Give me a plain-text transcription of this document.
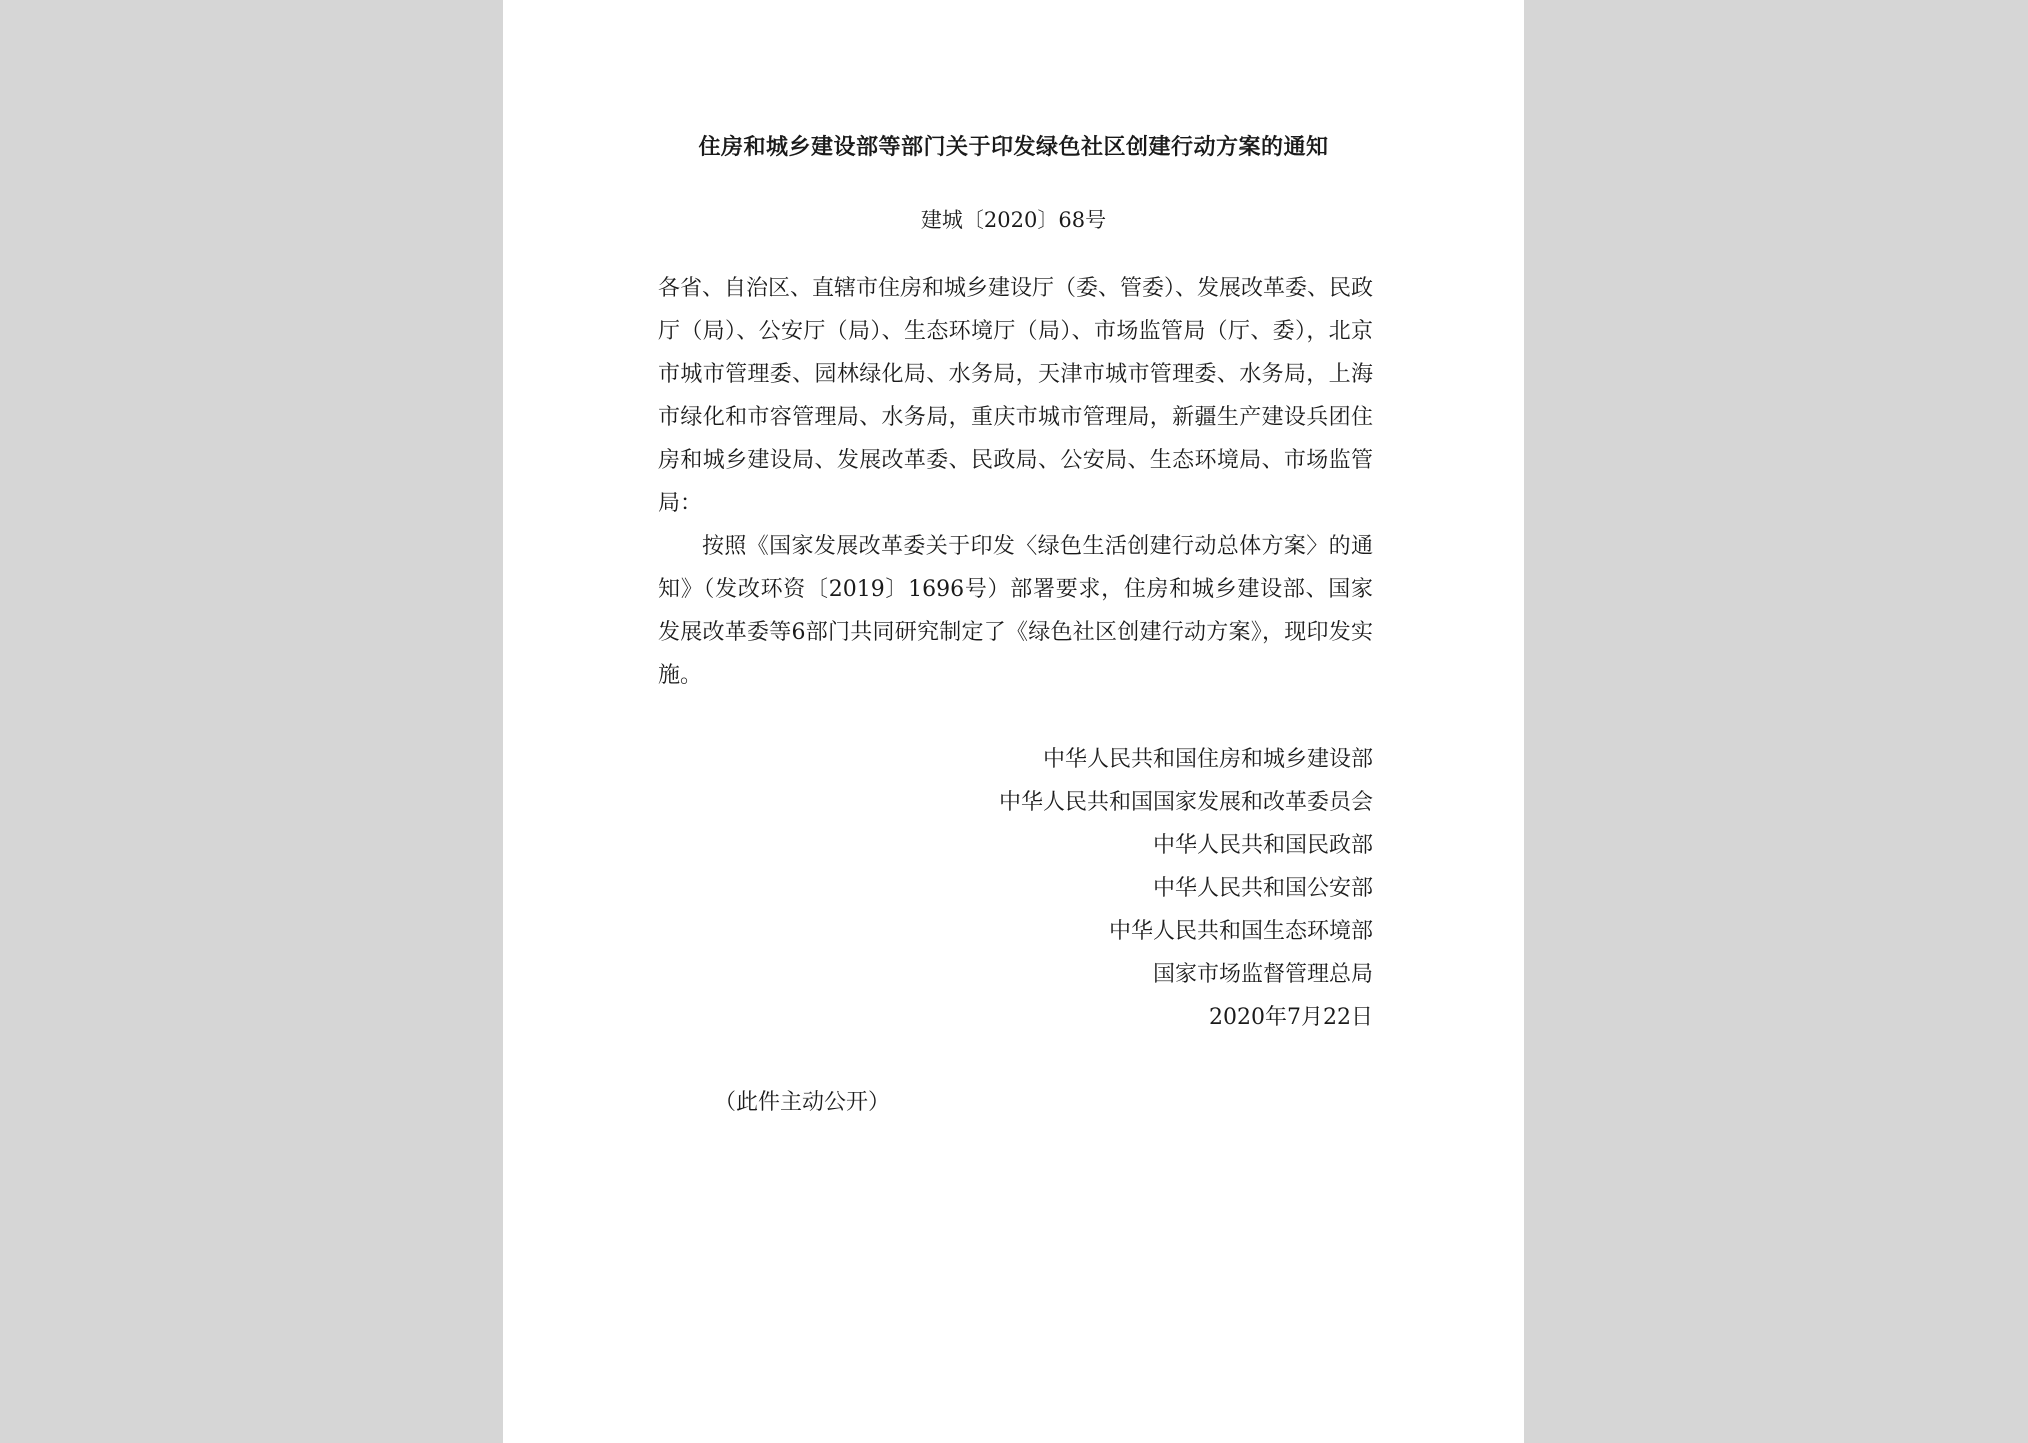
住房和城乡建设部等部门关于印发绿色社区创建行动方案的通知
建城〔2020〕68号

各省、自治区、直辖市住房和城乡建设厅（委、管委）、发展改革委、民政厅（局）、公安厅（局）、生态环境厅（局）、市场监管局（厅、委），北京市城市管理委、园林绿化局、水务局，天津市城市管理委、水务局，上海市绿化和市容管理局、水务局，重庆市城市管理局，新疆生产建设兵团住房和城乡建设局、发展改革委、民政局、公安局、生态环境局、市场监管局：

按照《国家发展改革委关于印发〈绿色生活创建行动总体方案〉的通知》（发改环资〔2019〕1696号）部署要求，住房和城乡建设部、国家发展改革委等6部门共同研究制定了《绿色社区创建行动方案》，现印发实施。

中华人民共和国住房和城乡建设部
中华人民共和国国家发展和改革委员会
中华人民共和国民政部
中华人民共和国公安部
中华人民共和国生态环境部
国家市场监督管理总局
2020年7月22日
（此件主动公开）
